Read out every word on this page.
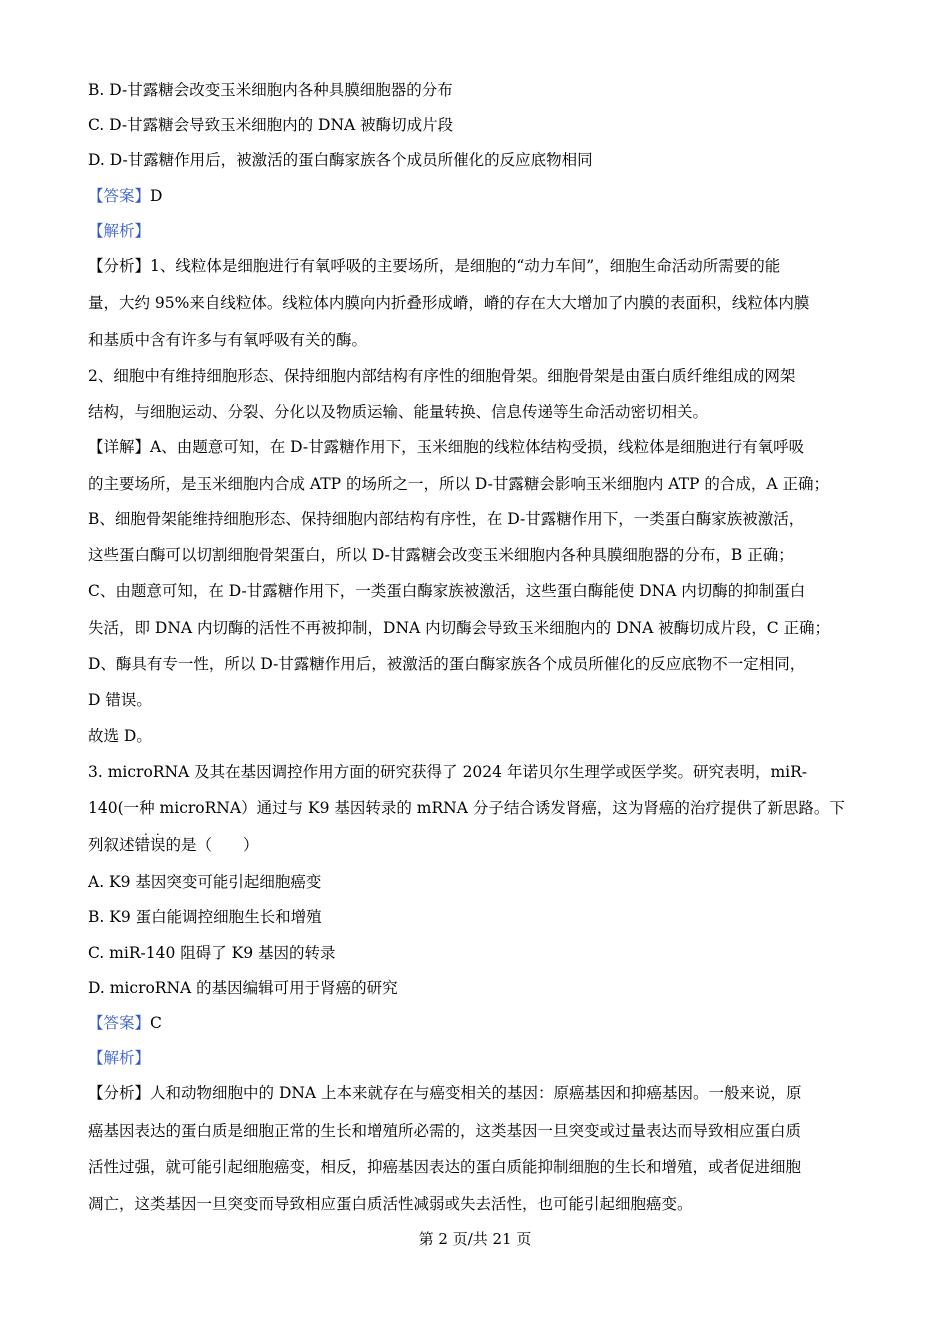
B. D-甘露糖会改变玉米细胞内各种具膜细胞器的分布
C. D-甘露糖会导致玉米细胞内的 DNA 被酶切成片段
D. D-甘露糖作用后，被激活的蛋白酶家族各个成员所催化的反应底物相同
【答案】D
【解析】
【分析】1、线粒体是细胞进行有氧呼吸的主要场所，是细胞的“动力车间”，细胞生命活动所需要的能
量，大约 95%来自线粒体。线粒体内膜向内折叠形成嵴，嵴的存在大大增加了内膜的表面积，线粒体内膜
和基质中含有许多与有氧呼吸有关的酶。
2、细胞中有维持细胞形态、保持细胞内部结构有序性的细胞骨架。细胞骨架是由蛋白质纤维组成的网架
结构，与细胞运动、分裂、分化以及物质运输、能量转换、信息传递等生命活动密切相关。
【详解】A、由题意可知，在 D-甘露糖作用下，玉米细胞的线粒体结构受损，线粒体是细胞进行有氧呼吸
的主要场所，是玉米细胞内合成 ATP 的场所之一，所以 D-甘露糖会影响玉米细胞内 ATP 的合成，A 正确；
B、细胞骨架能维持细胞形态、保持细胞内部结构有序性，在 D-甘露糖作用下，一类蛋白酶家族被激活，
这些蛋白酶可以切割细胞骨架蛋白，所以 D-甘露糖会改变玉米细胞内各种具膜细胞器的分布，B 正确；
C、由题意可知，在 D-甘露糖作用下，一类蛋白酶家族被激活，这些蛋白酶能使 DNA 内切酶的抑制蛋白
失活，即 DNA 内切酶的活性不再被抑制，DNA 内切酶会导致玉米细胞内的 DNA 被酶切成片段，C 正确；
D、酶具有专一性，所以 D-甘露糖作用后，被激活的蛋白酶家族各个成员所催化的反应底物不一定相同，
D 错误。
故选 D。
3. microRNA 及其在基因调控作用方面的研究获得了 2024 年诺贝尔生理学或医学奖。研究表明，miR-
140(一种 microRNA）通过与 K9 基因转录的 mRNA 分子结合诱发肾癌，这为肾癌的治疗提供了新思路。下
..
列叙述错误的是（　　）
A. K9 基因突变可能引起细胞癌变
B. K9 蛋白能调控细胞生长和增殖
C. miR-140 阻碍了 K9 基因的转录
D. microRNA 的基因编辑可用于肾癌的研究
【答案】C
【解析】
【分析】人和动物细胞中的 DNA 上本来就存在与癌变相关的基因：原癌基因和抑癌基因。一般来说，原
癌基因表达的蛋白质是细胞正常的生长和增殖所必需的，这类基因一旦突变或过量表达而导致相应蛋白质
活性过强，就可能引起细胞癌变，相反，抑癌基因表达的蛋白质能抑制细胞的生长和增殖，或者促进细胞
凋亡，这类基因一旦突变而导致相应蛋白质活性减弱或失去活性，也可能引起细胞癌变。
第 2 页/共 21 页
